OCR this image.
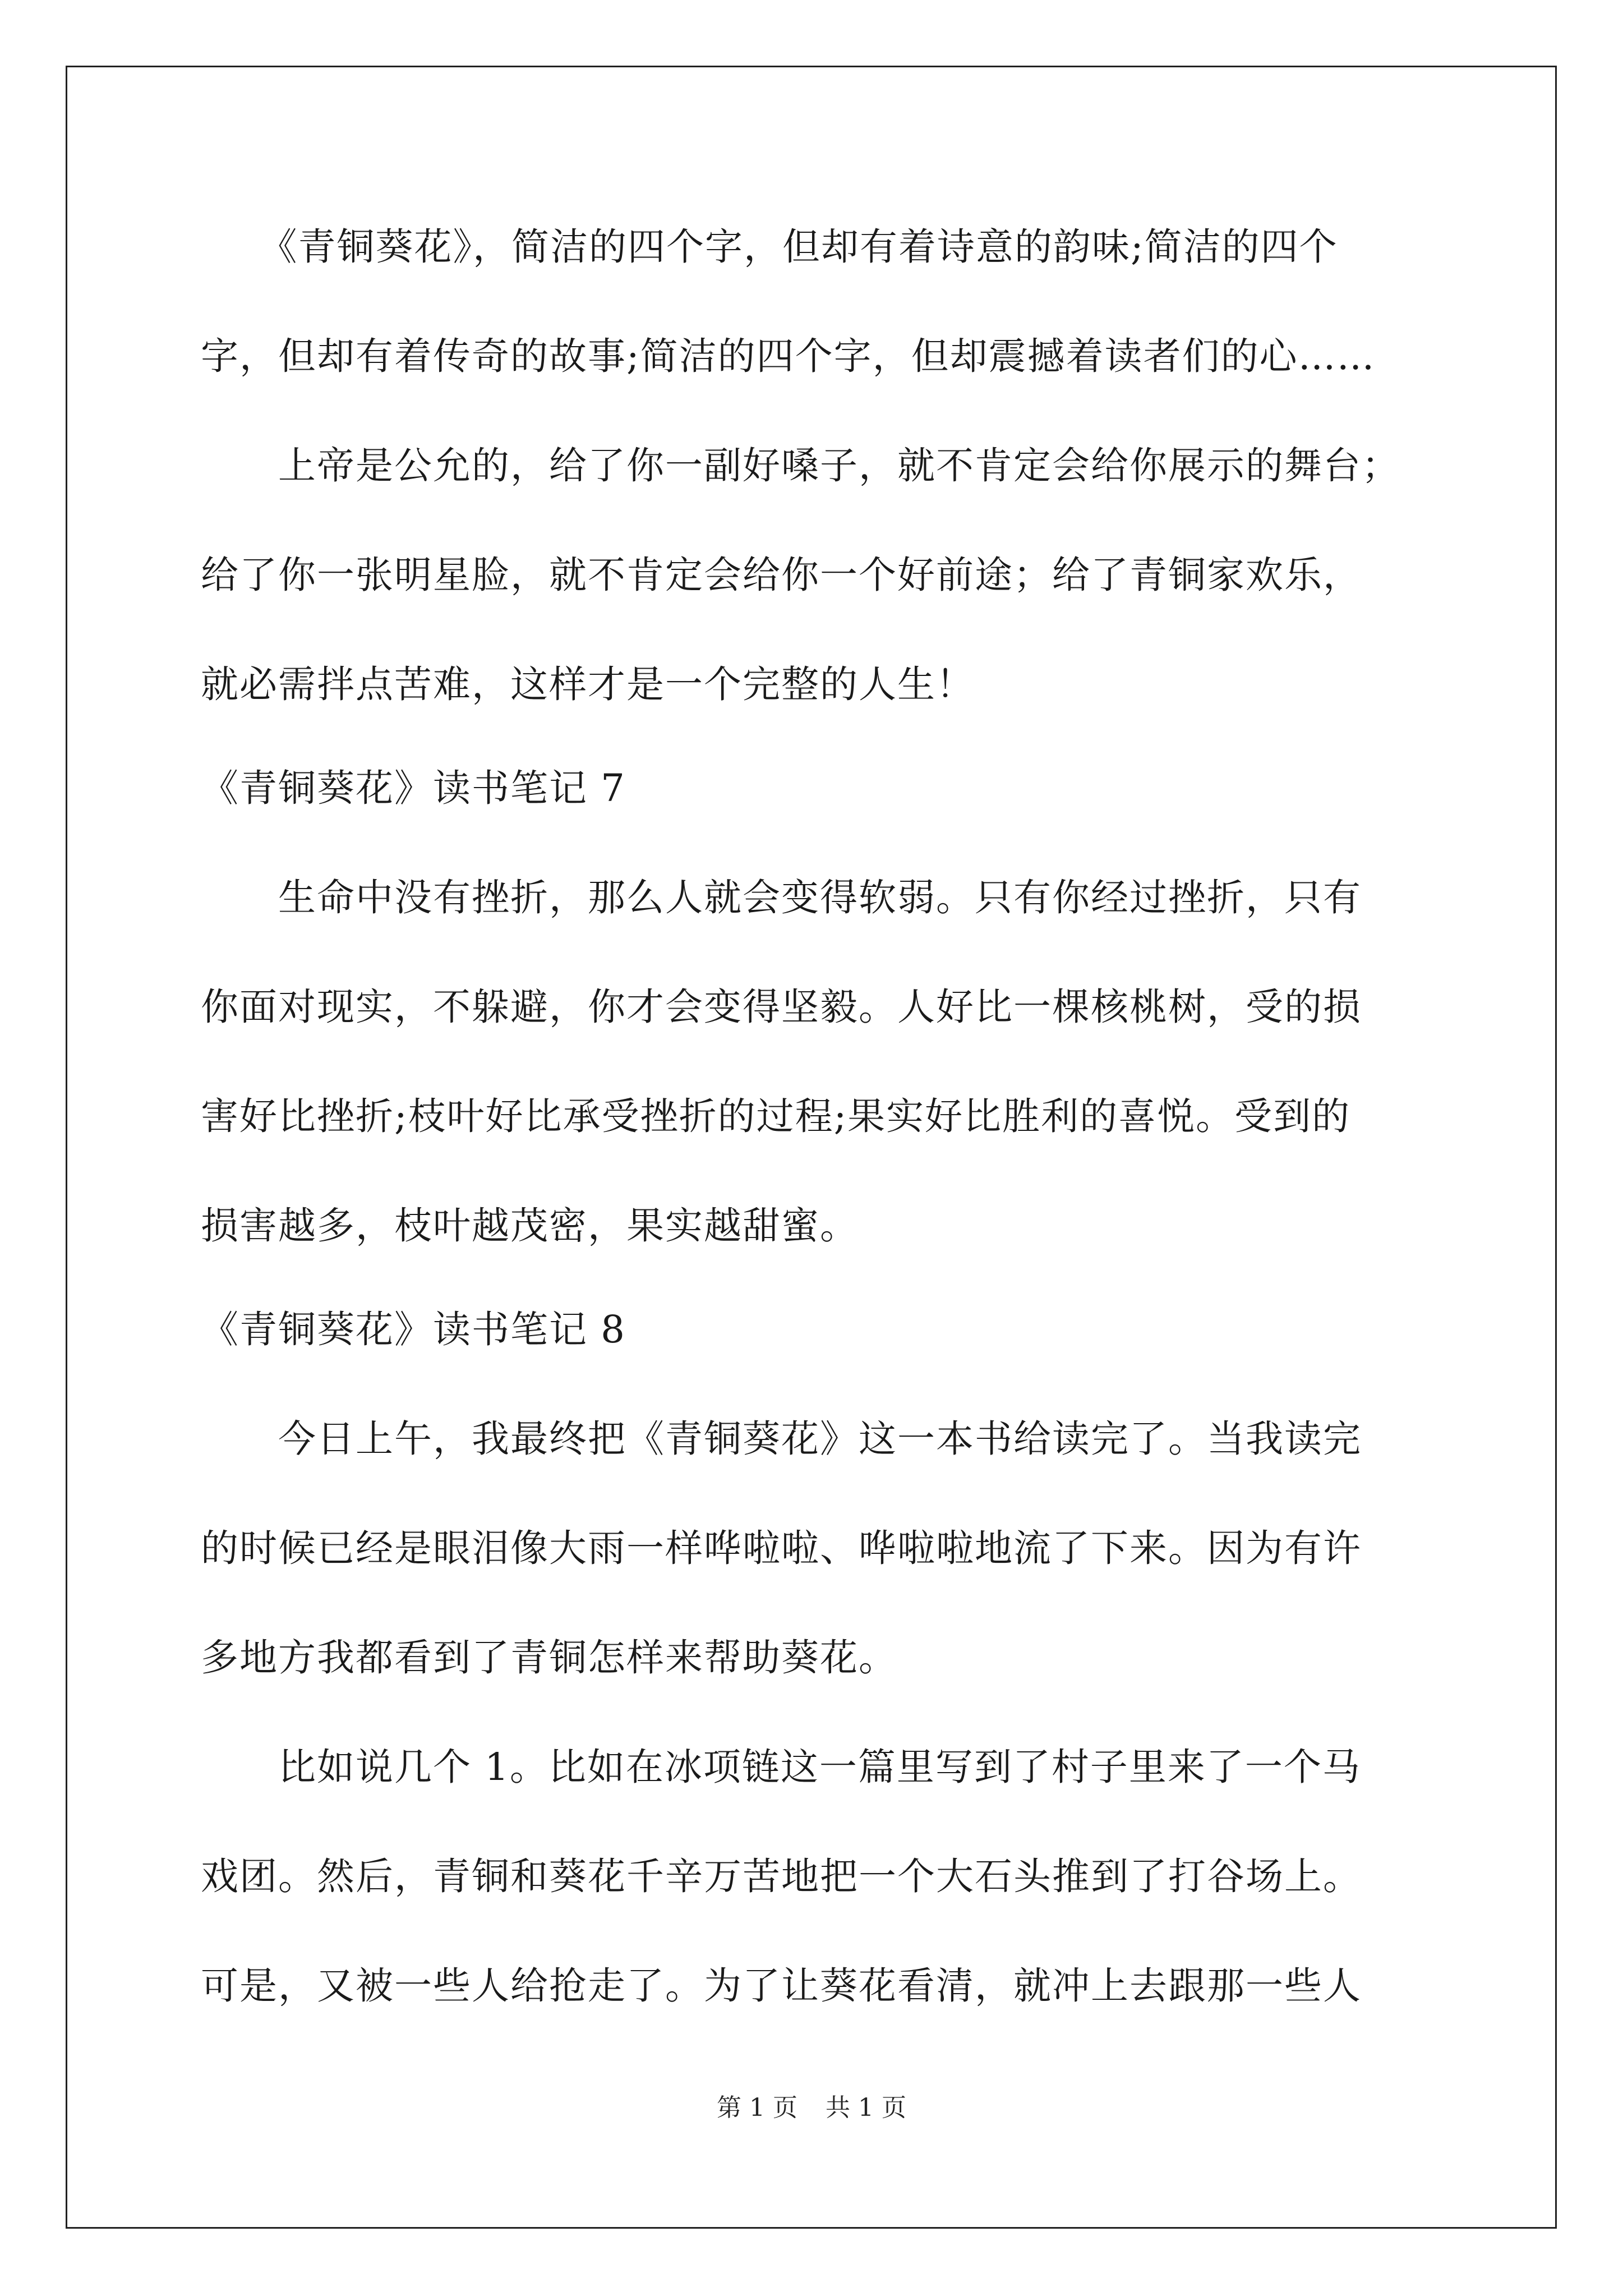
　　《青铜葵花》，简洁的四个字，但却有着诗意的韵味;简洁的四个
字，但却有着传奇的故事;简洁的四个字，但却震撼着读者们的心……
　　上帝是公允的，给了你一副好嗓子，就不肯定会给你展示的舞台；
给了你一张明星脸，就不肯定会给你一个好前途；给了青铜家欢乐，
就必需拌点苦难，这样才是一个完整的人生！
《青铜葵花》读书笔记 7
　　生命中没有挫折，那么人就会变得软弱。只有你经过挫折，只有
你面对现实，不躲避，你才会变得坚毅。人好比一棵核桃树，受的损
害好比挫折;枝叶好比承受挫折的过程;果实好比胜利的喜悦。受到的
损害越多，枝叶越茂密，果实越甜蜜。
《青铜葵花》读书笔记 8
　　今日上午，我最终把《青铜葵花》这一本书给读完了。当我读完
的时候已经是眼泪像大雨一样哗啦啦、哗啦啦地流了下来。因为有许
多地方我都看到了青铜怎样来帮助葵花。
　　比如说几个 1。比如在冰项链这一篇里写到了村子里来了一个马
戏团。然后，青铜和葵花千辛万苦地把一个大石头推到了打谷场上。
可是，又被一些人给抢走了。为了让葵花看清，就冲上去跟那一些人
第 1 页 共 1 页
